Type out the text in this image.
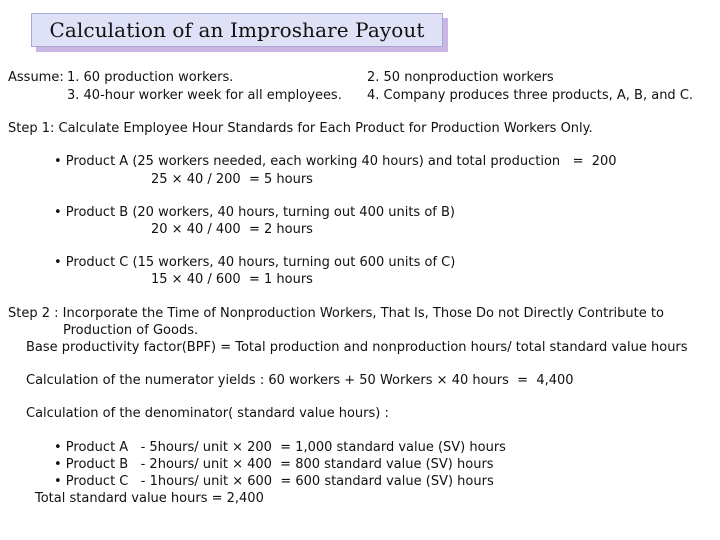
Calculation of an Improshare Payout
Assume: 1. 60 production workers.	2. 50 nonproduction workers
3. 40-hour worker week for all employees. 4. Company produces three products, A, B, and C.
Step 1: Calculate Employee Hour Standards for Each Product for Production Workers Only.
• Product A (25 workers needed, each working 40 hours) and total production   =  200
25 × 40 / 200  = 5 hours
• Product B (20 workers, 40 hours, turning out 400 units of B)
20 × 40 / 400  = 2 hours
• Product C (15 workers, 40 hours, turning out 600 units of C)
15 × 40 / 600  = 1 hours
Step 2 : Incorporate the Time of Nonproduction Workers, That Is, Those Do not Directly Contribute to
Production of Goods.
Base productivity factor(BPF) = Total production and nonproduction hours/ total standard value hours
Calculation of the numerator yields : 60 workers + 50 Workers × 40 hours  =  4,400
Calculation of the denominator( standard value hours) :
• Product A   - 5hours/ unit × 200  = 1,000 standard value (SV) hours
• Product B   - 2hours/ unit × 400  = 800 standard value (SV) hours
• Product C   - 1hours/ unit × 600  = 600 standard value (SV) hours
Total standard value hours = 2,400
